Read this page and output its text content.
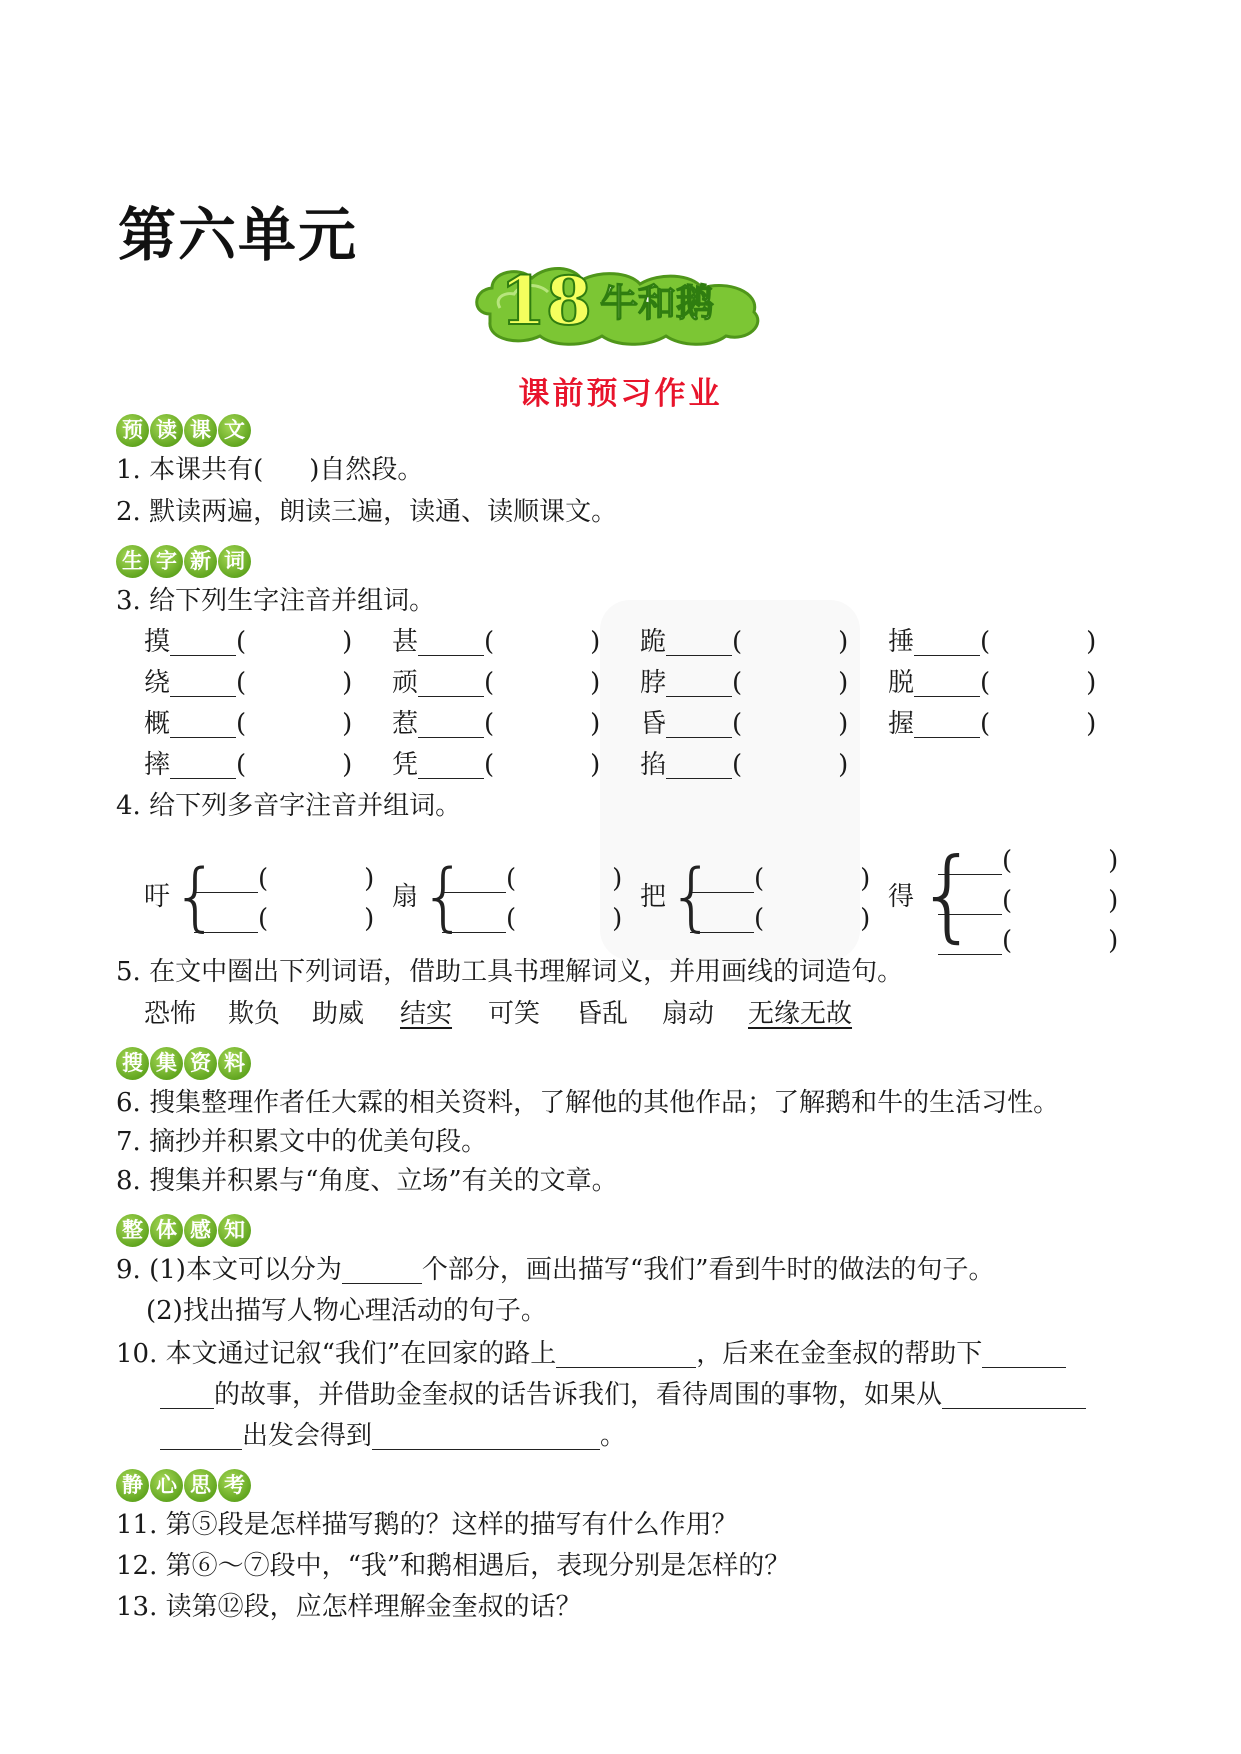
第六单元
18 牛和鹅
课前预习作业
预 读 课 文
1. 本课共有( )自然段。
2. 默读两遍，朗读三遍，读通、读顺课文。
生 字 新 词
3. 给下列生字注音并组词。
摸	(	) 甚	(	) 跪	(	) 捶	(	)
绕	(	) 顽	(	) 脖	(	) 脱	(	)
概	(	) 惹	(	) 昏	(	) 握	(	)
摔	(	) 凭	(	) 掐	(	)
4. 给下列多音字注音并组词。
吁 {	(	)
(	)
扇 {	(	)
(	)
把 {	(	)
(	)
得 { (	)
(	)
(	)
5. 在文中圈出下列词语，借助工具书理解词义，并用画线的词造句。
恐怖 欺负 助威 结实 可笑 昏乱 扇动 无缘无故
搜 集 资 料
6. 搜集整理作者任大霖的相关资料，了解他的其他作品；了解鹅和牛的生活习性。
7. 摘抄并积累文中的优美句段。
8. 搜集并积累与“角度、立场”有关的文章。
整 体 感 知
9. (1)本文可以分为	个部分，画出描写“我们”看到牛时的做法的句子。
(2)找出描写人物心理活动的句子。
10. 本文通过记叙“我们”在回家的路上	，后来在金奎叔的帮助下
的故事，并借助金奎叔的话告诉我们，看待周围的事物，如果从
出发会得到	。
静 心 思 考
11. 第⑤段是怎样描写鹅的？这样的描写有什么作用？
12. 第⑥～⑦段中，“我”和鹅相遇后，表现分别是怎样的？
13. 读第⑫段，应怎样理解金奎叔的话？
